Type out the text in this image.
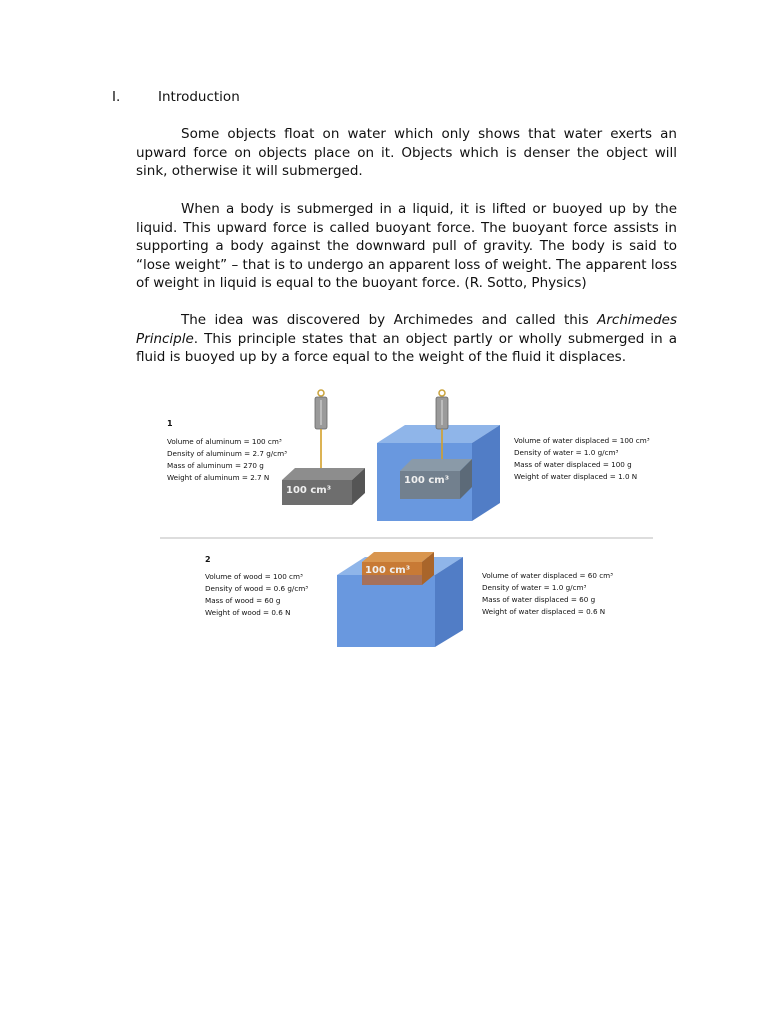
I.	Introduction

Some objects float on water which only shows that water exerts an upward force on objects place on it. Objects which is denser the object will sink, otherwise it will submerged.

When a body is submerged in a liquid, it is lifted or buoyed up by the liquid. This upward force is called buoyant force. The buoyant force assists in supporting a body against the downward pull of gravity. The body is said to “lose weight” – that is to undergo an apparent loss of weight. The apparent loss of weight in liquid is equal to the buoyant force. (R. Sotto, Physics)

The idea was discovered by Archimedes and called this Archimedes Principle. This principle states that an object partly or wholly submerged in a fluid is buoyed up by a force equal to the weight of the fluid it displaces.

1
Volume of aluminum = 100 cm³
Density of aluminum = 2.7 g/cm³
Mass of aluminum = 270 g
Weight of aluminum = 2.7 N
100 cm³
100 cm³
Volume of water displaced = 100 cm³
Density of water = 1.0 g/cm³
Mass of water displaced = 100 g
Weight of water displaced = 1.0 N
2
Volume of wood = 100 cm³
Density of wood = 0.6 g/cm³
Mass of wood = 60 g
Weight of wood = 0.6 N
100 cm³	Volume of water displaced = 60 cm³
Density of water = 1.0 g/cm³
Mass of water displaced = 60 g
Weight of water displaced = 0.6 N
